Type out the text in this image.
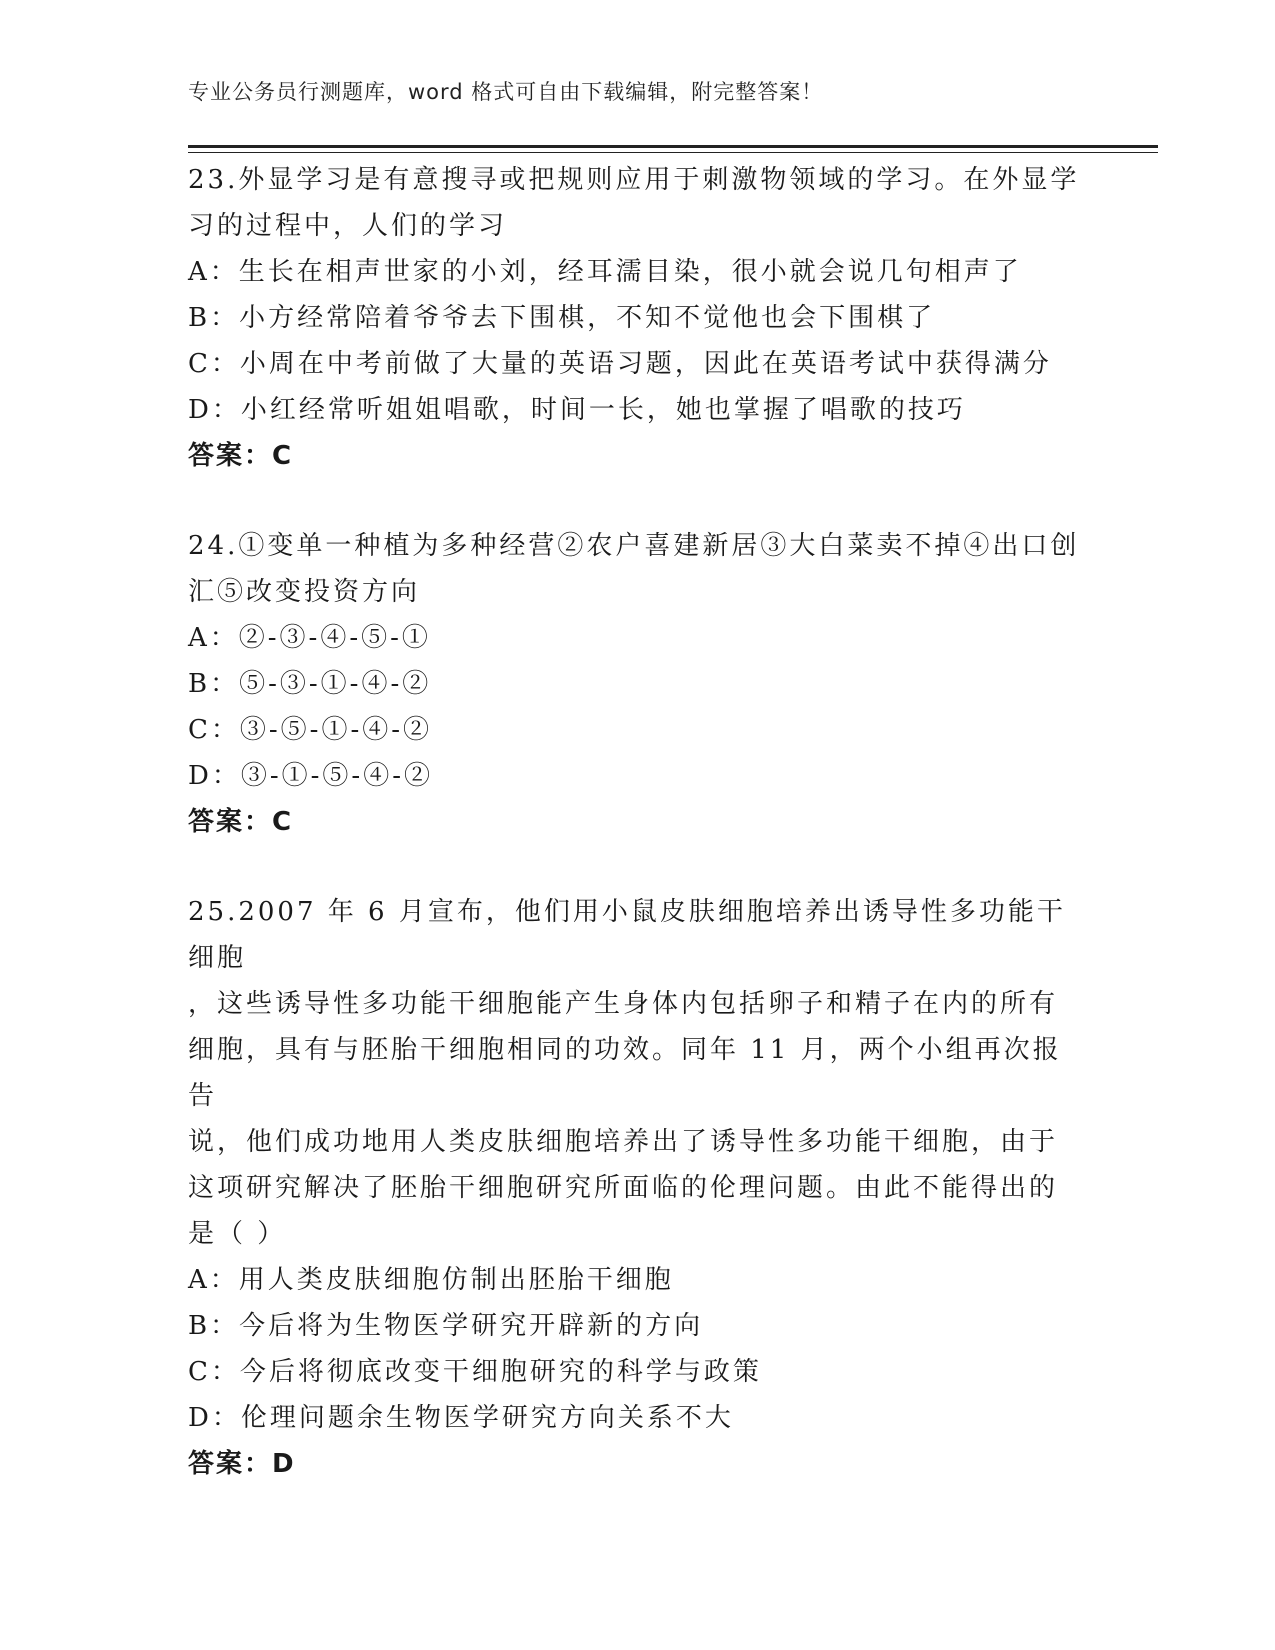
专业公务员行测题库，word 格式可自由下载编辑，附完整答案！
23.外显学习是有意搜寻或把规则应用于刺激物领域的学习。在外显学
习的过程中，人们的学习
A：生长在相声世家的小刘，经耳濡目染，很小就会说几句相声了
B：小方经常陪着爷爷去下围棋，不知不觉他也会下围棋了
C：小周在中考前做了大量的英语习题，因此在英语考试中获得满分
D：小红经常听姐姐唱歌，时间一长，她也掌握了唱歌的技巧
答案：C
24.①变单一种植为多种经营②农户喜建新居③大白菜卖不掉④出口创
汇⑤改变投资方向
A：②-③-④-⑤-①
B：⑤-③-①-④-②
C：③-⑤-①-④-②
D：③-①-⑤-④-②
答案：C
25.2007 年 6 月宣布，他们用小鼠皮肤细胞培养出诱导性多功能干细胞
，这些诱导性多功能干细胞能产生身体内包括卵子和精子在内的所有
细胞，具有与胚胎干细胞相同的功效。同年 11 月，两个小组再次报告
说，他们成功地用人类皮肤细胞培养出了诱导性多功能干细胞，由于
这项研究解决了胚胎干细胞研究所面临的伦理问题。由此不能得出的
是（ ）
A：用人类皮肤细胞仿制出胚胎干细胞
B：今后将为生物医学研究开辟新的方向
C：今后将彻底改变干细胞研究的科学与政策
D：伦理问题余生物医学研究方向关系不大
答案：D
